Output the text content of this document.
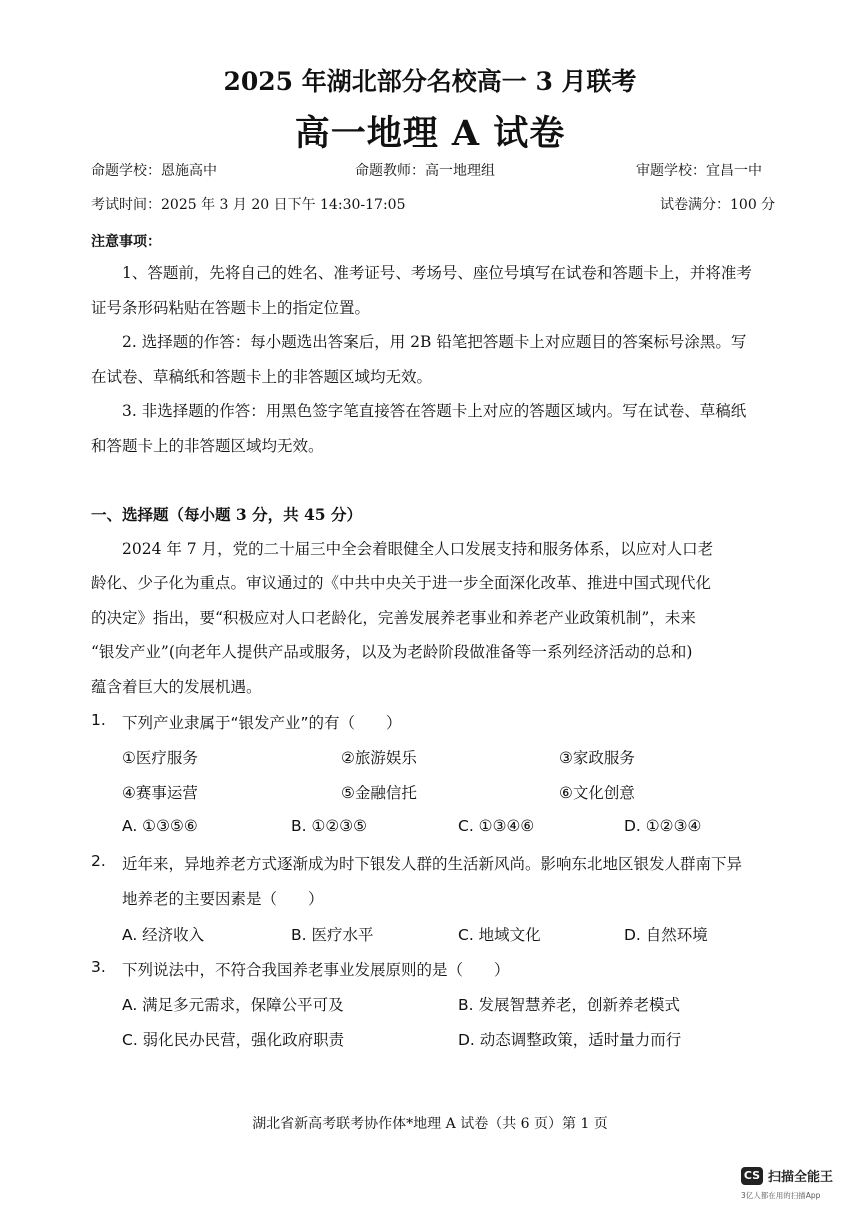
2025 年湖北部分名校高一 3 月联考
高一地理 A 试卷
命题学校：恩施高中	命题教师：高一地理组	审题学校：宜昌一中
考试时间：2025 年 3 月 20 日下午 14:30-17:05	试卷满分：100 分
注意事项：
1、答题前，先将自己的姓名、准考证号、考场号、座位号填写在试卷和答题卡上，并将准考
证号条形码粘贴在答题卡上的指定位置。
2. 选择题的作答：每小题选出答案后，用 2B 铅笔把答题卡上对应题目的答案标号涂黑。写
在试卷、草稿纸和答题卡上的非答题区域均无效。
3. 非选择题的作答：用黑色签字笔直接答在答题卡上对应的答题区域内。写在试卷、草稿纸
和答题卡上的非答题区域均无效。
一、选择题（每小题 3 分，共 45 分）
2024 年 7 月，党的二十届三中全会着眼健全人口发展支持和服务体系，以应对人口老
龄化、少子化为重点。审议通过的《中共中央关于进一步全面深化改革、推进中国式现代化
的决定》指出，要“积极应对人口老龄化，完善发展养老事业和养老产业政策机制”，未来
“银发产业”(向老年人提供产品或服务，以及为老龄阶段做准备等一系列经济活动的总和)
蕴含着巨大的发展机遇。
1. 下列产业隶属于“银发产业”的有（　　）
①医疗服务	②旅游娱乐	③家政服务
④赛事运营	⑤金融信托	⑥文化创意
A. ①③⑤⑥	B. ①②③⑤	C. ①③④⑥	D. ①②③④
2. 近年来，异地养老方式逐渐成为时下银发人群的生活新风尚。影响东北地区银发人群南下异
地养老的主要因素是（　　）
A. 经济收入	B. 医疗水平	C. 地域文化	D. 自然环境
3. 下列说法中，不符合我国养老事业发展原则的是（　　）
A. 满足多元需求，保障公平可及	B. 发展智慧养老，创新养老模式
C. 弱化民办民营，强化政府职责	D. 动态调整政策，适时量力而行
湖北省新高考联考协作体*地理 A 试卷（共 6 页）第 1 页
CS 扫描全能王
3亿人都在用的扫描App
